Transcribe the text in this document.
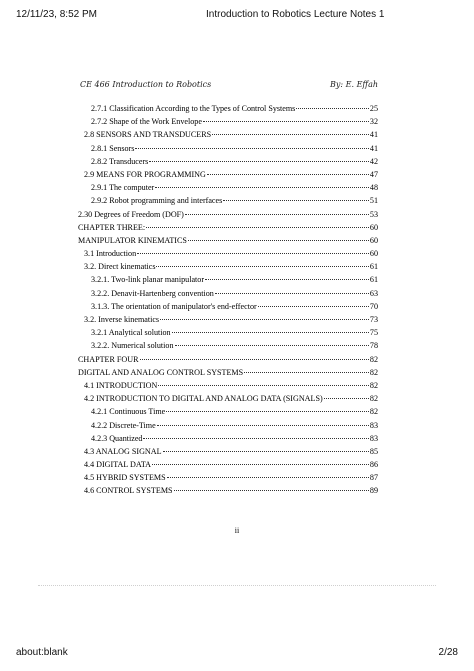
12/11/23, 8:52 PM	Introduction to Robotics Lecture Notes 1
CE 466 Introduction to Robotics	By: E. Effah
2.7.1 Classification According to the Types of Control Systems	25
2.7.2 Shape of the Work Envelope	32
2.8 SENSORS AND TRANSDUCERS	41
2.8.1 Sensors	41
2.8.2 Transducers	42
2.9 MEANS FOR PROGRAMMING	47
2.9.1 The computer	48
2.9.2 Robot programming and interfaces	51
2.30 Degrees of Freedom (DOF)	53
CHAPTER THREE:	60
MANIPULATOR KINEMATICS	60
3.1 Introduction	60
3.2. Direct kinematics	61
3.2.1. Two-link planar manipulator	61
3.2.2. Denavit-Hartenberg convention	63
3.1.3. The orientation of manipulator's end-effector	70
3.2. Inverse kinematics	73
3.2.1 Analytical solution	75
3.2.2. Numerical solution	78
CHAPTER FOUR	82
DIGITAL AND ANALOG CONTROL SYSTEMS	82
4.1 INTRODUCTION	82
4.2 INTRODUCTION TO DIGITAL AND ANALOG DATA (SIGNALS)	82
4.2.1 Continuous Time	82
4.2.2 Discrete-Time	83
4.2.3 Quantized	83
4.3 ANALOG SIGNAL	85
4.4 DIGITAL DATA	86
4.5 HYBRID SYSTEMS	87
4.6 CONTROL SYSTEMS	89
ii
about:blank	2/28
